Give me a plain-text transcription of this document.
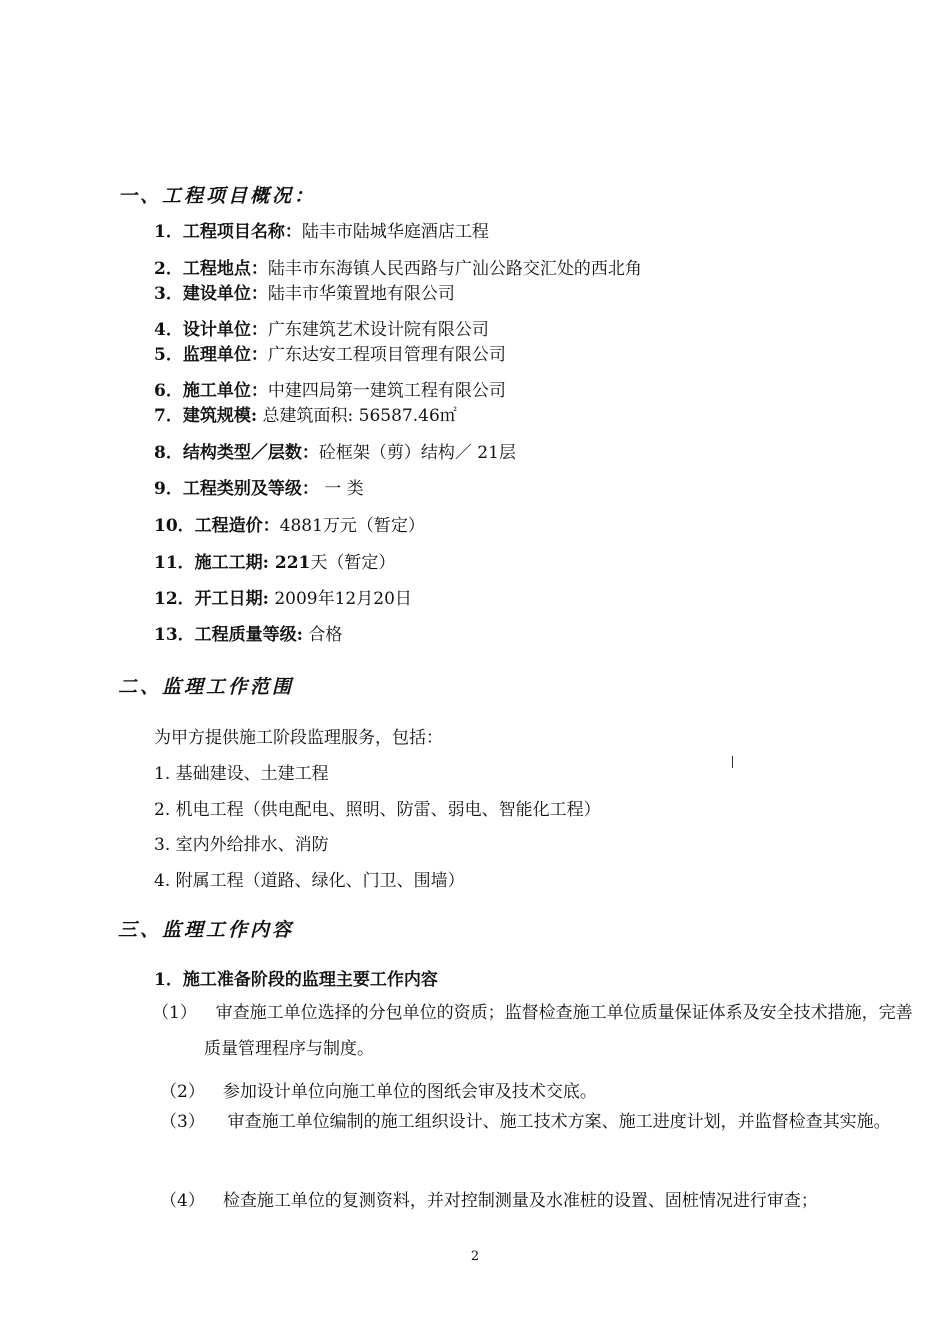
一、工程项目概况：
1．工程项目名称：陆丰市陆城华庭酒店工程
2．工程地点：陆丰市东海镇人民西路与广汕公路交汇处的西北角
3．建设单位：陆丰市华策置地有限公司
4．设计单位：广东建筑艺术设计院有限公司
5．监理单位：广东达安工程项目管理有限公司
6．施工单位：中建四局第一建筑工程有限公司
7．建筑规模: 总建筑面积: 56587.46㎡
8．结构类型／层数：砼框架（剪）结构／ 21层
9．工程类别及等级： 一 类
10．工程造价：4881万元（暂定）
11．施工工期: 221天（暂定）
12．开工日期: 2009年12月20日
13．工程质量等级: 合格
二、监理工作范围
为甲方提供施工阶段监理服务，包括：
1. 基础建设、土建工程
2. 机电工程（供电配电、照明、防雷、弱电、智能化工程）
3. 室内外给排水、消防
4. 附属工程（道路、绿化、门卫、围墙）
三、监理工作内容
1．施工准备阶段的监理主要工作内容
（1） 审查施工单位选择的分包单位的资质；监督检查施工单位质量保证体系及安全技术措施，完善质量管理程序与制度。
（2） 参加设计单位向施工单位的图纸会审及技术交底。
（3） 审查施工单位编制的施工组织设计、施工技术方案、施工进度计划，并监督检查其实施。
（4） 检查施工单位的复测资料，并对控制测量及水准桩的设置、固桩情况进行审查；
2
